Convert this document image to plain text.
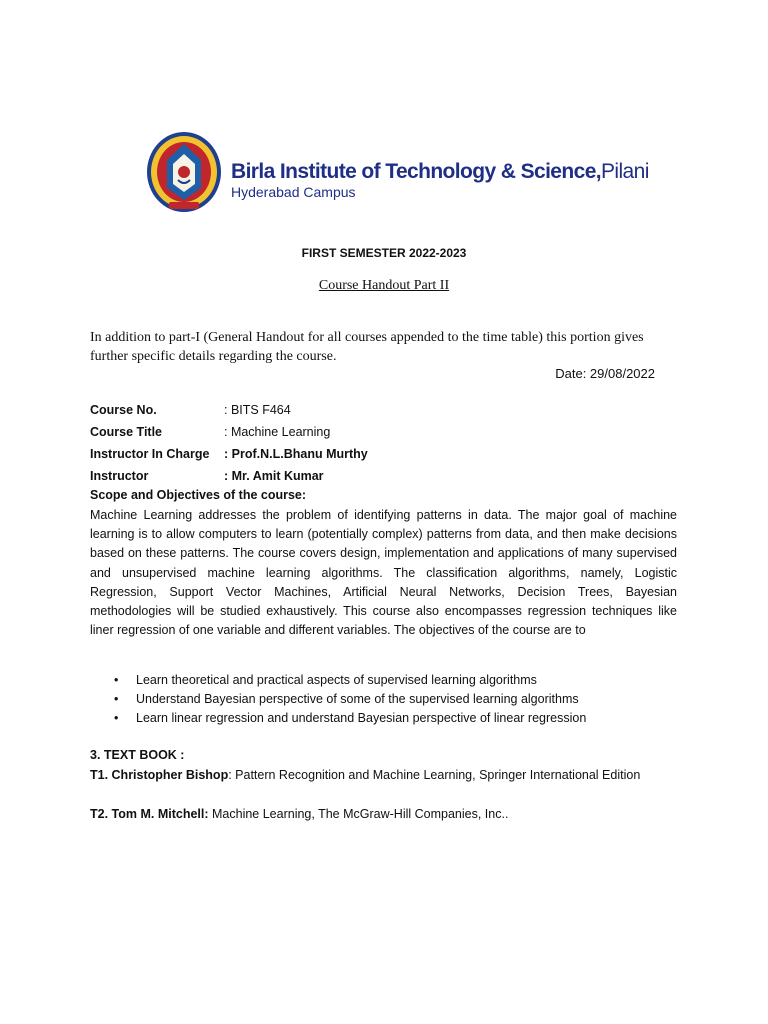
Birla Institute of Technology & Science,Pilani
Hyderabad Campus
FIRST SEMESTER 2022-2023
Course Handout Part II
In addition to part-I (General Handout for all courses appended to the time table) this portion gives further specific details regarding the course.
Date: 29/08/2022
Course No.	: BITS F464
Course Title	: Machine Learning
Instructor In Charge : Prof.N.L.Bhanu Murthy
Instructor	: Mr. Amit Kumar
Scope and Objectives of the course:
Machine Learning addresses the problem of identifying patterns in data. The major goal of machine learning is to allow computers to learn (potentially complex) patterns from data, and then make decisions based on these patterns. The course covers design, implementation and applications of many supervised and unsupervised machine learning algorithms. The classification algorithms, namely, Logistic Regression, Support Vector Machines, Artificial Neural Networks, Decision Trees, Bayesian methodologies will be studied exhaustively. This course also encompasses regression techniques like liner regression of one variable and different variables. The objectives of the course are to
• Learn theoretical and practical aspects of supervised learning algorithms
• Understand Bayesian perspective of some of the supervised learning algorithms
• Learn linear regression and understand Bayesian perspective of linear regression
3. TEXT BOOK :
T1. Christopher Bishop: Pattern Recognition and Machine Learning, Springer International Edition
T2. Tom M. Mitchell: Machine Learning, The McGraw-Hill Companies, Inc..
